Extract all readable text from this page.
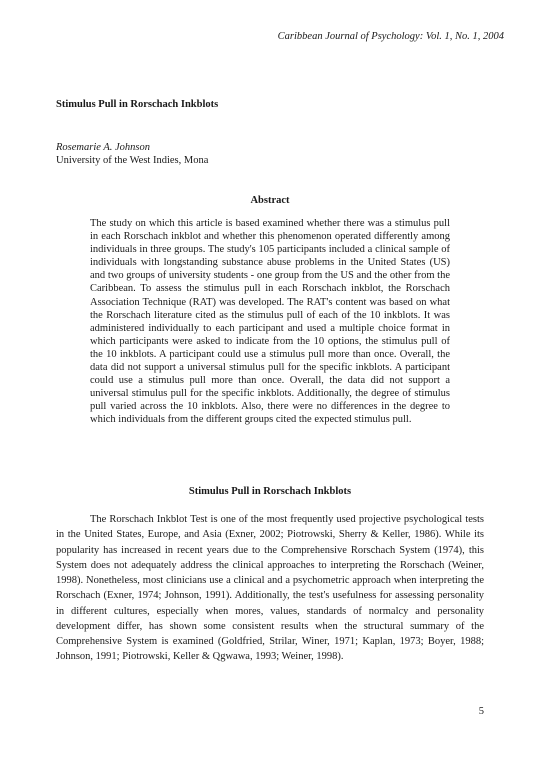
Caribbean Journal of Psychology: Vol. 1, No. 1, 2004
Stimulus Pull in Rorschach Inkblots
Rosemarie A. Johnson
University of the West Indies, Mona
Abstract

The study on which this article is based examined whether there was a stimulus pull in each Rorschach inkblot and whether this phenomenon operated differently among individuals in three groups. The study's 105 participants included a clinical sample of individuals with longstanding substance abuse problems in the United States (US) and two groups of university students - one group from the US and the other from the Caribbean. To assess the stimulus pull in each Rorschach inkblot, the Rorschach Association Technique (RAT) was developed. The RAT's content was based on what the Rorschach literature cited as the stimulus pull of each of the 10 inkblots. It was administered individually to each participant and used a multiple choice format in which participants were asked to indicate from the 10 options, the stimulus pull of the 10 inkblots. A participant could use a stimulus pull more than once. Overall, the data did not support a universal stimulus pull for the specific inkblots. A participant could use a stimulus pull more than once. Overall, the data did not support a universal stimulus pull for the specific inkblots. Additionally, the degree of stimulus pull varied across the 10 inkblots. Also, there were no differences in the degree to which individuals from the different groups cited the expected stimulus pull.

Stimulus Pull in Rorschach Inkblots

The Rorschach Inkblot Test is one of the most frequently used projective psychological tests in the United States, Europe, and Asia (Exner, 2002; Piotrowski, Sherry & Keller, 1986). While its popularity has increased in recent years due to the Comprehensive Rorschach System (1974), this System does not adequately address the clinical approaches to interpreting the Rorschach (Weiner, 1998). Nonetheless, most clinicians use a clinical and a psychometric approach when interpreting the Rorschach (Exner, 1974; Johnson, 1991). Additionally, the test's usefulness for assessing personality in different cultures, especially when mores, values, standards of normalcy and personality development differ, has shown some consistent results when the structural summary of the Comprehensive System is examined (Goldfried, Strilar, Winer, 1971; Kaplan, 1973; Boyer, 1988; Johnson, 1991; Piotrowski, Keller & Qgwawa, 1993; Weiner, 1998).

5
